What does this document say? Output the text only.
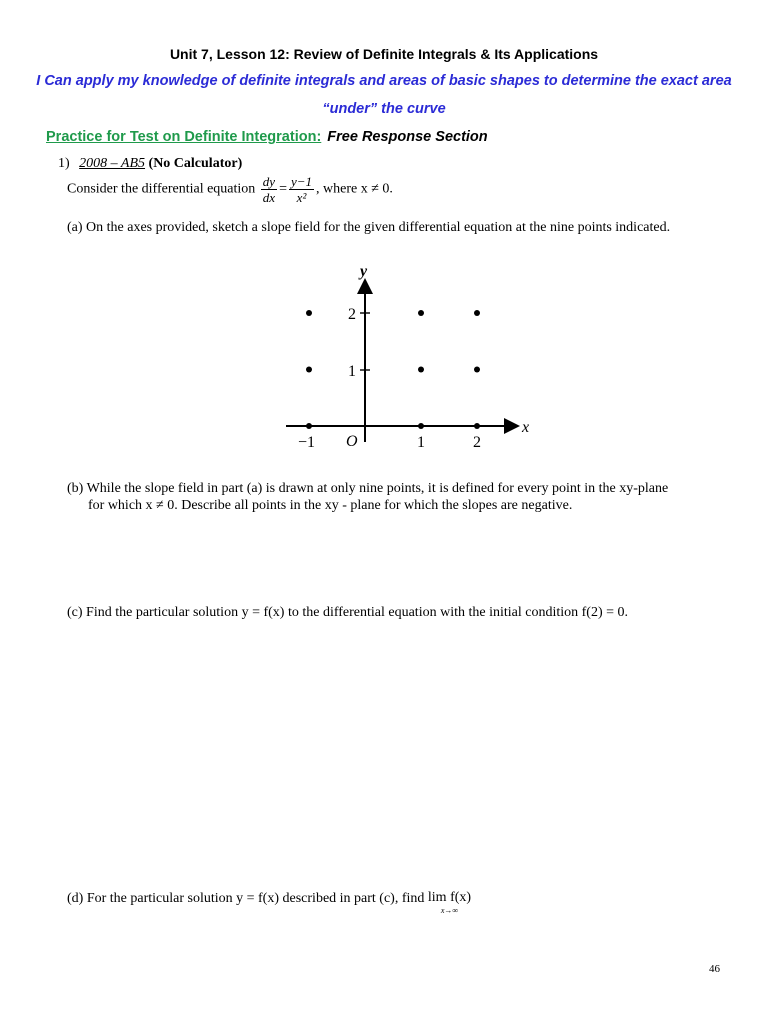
Unit 7, Lesson 12: Review of Definite Integrals & Its Applications
I Can apply my knowledge of definite integrals and areas of basic shapes to determine the exact area
“under” the curve
Practice for Test on Definite Integration: Free Response Section
1) 2008 – AB5 (No Calculator)
Consider the differential equation $\frac{dy}{dx} = \frac{y-1}{\text{x²}}$ , where x ≠ 0.
(a) On the axes provided, sketch a slope field for the given differential equation at the nine points indicated.
x
y
O
−1	1	2
1
2
(b) While the slope field in part (a) is drawn at only nine points, it is defined for every point in the xy-plane
for which x ≠ 0. Describe all points in the xy - plane for which the slopes are negative.
(c) Find the particular solution y = f(x) to the differential equation with the initial condition f(2) = 0.
(d) For the particular solution y = f(x) described in part (c), find lim f(x)
x→∞
46
